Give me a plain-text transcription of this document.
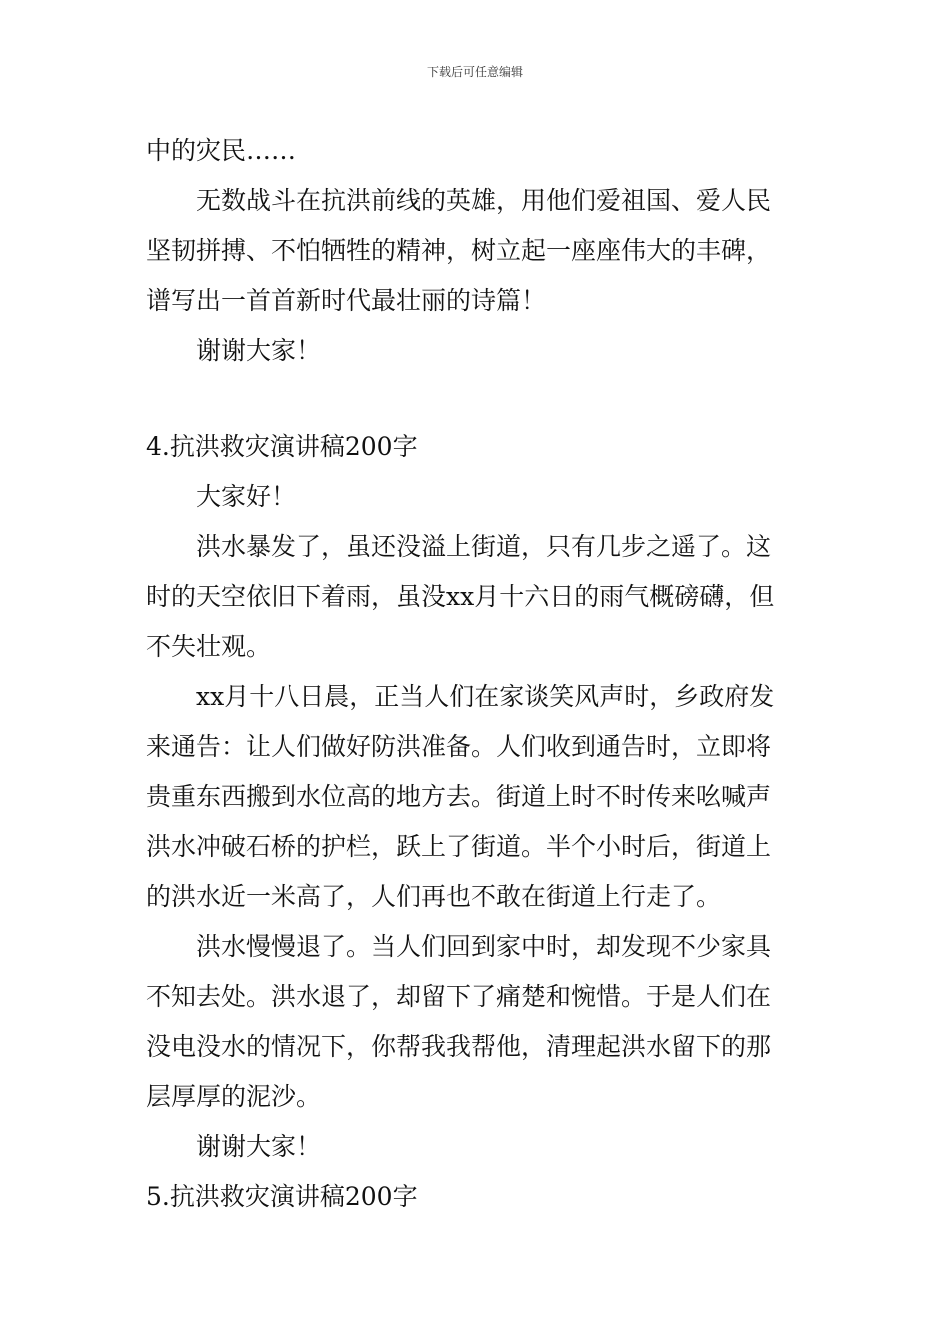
下载后可任意编辑

中的灾民……

无数战斗在抗洪前线的英雄，用他们爱祖国、爱人民

坚韧拼搏、不怕牺牲的精神，树立起一座座伟大的丰碑，

谱写出一首首新时代最壮丽的诗篇！

谢谢大家！

4.抗洪救灾演讲稿200字

大家好！

洪水暴发了，虽还没溢上街道，只有几步之遥了。这

时的天空依旧下着雨，虽没xx月十六日的雨气概磅礴，但

不失壮观。

xx月十八日晨，正当人们在家谈笑风声时，乡政府发

来通告：让人们做好防洪准备。人们收到通告时，立即将

贵重东西搬到水位高的地方去。街道上时不时传来吆喊声

洪水冲破石桥的护栏，跃上了街道。半个小时后，街道上

的洪水近一米高了，人们再也不敢在街道上行走了。

洪水慢慢退了。当人们回到家中时，却发现不少家具

不知去处。洪水退了，却留下了痛楚和惋惜。于是人们在

没电没水的情况下，你帮我我帮他，清理起洪水留下的那

层厚厚的泥沙。

谢谢大家！

5.抗洪救灾演讲稿200字
